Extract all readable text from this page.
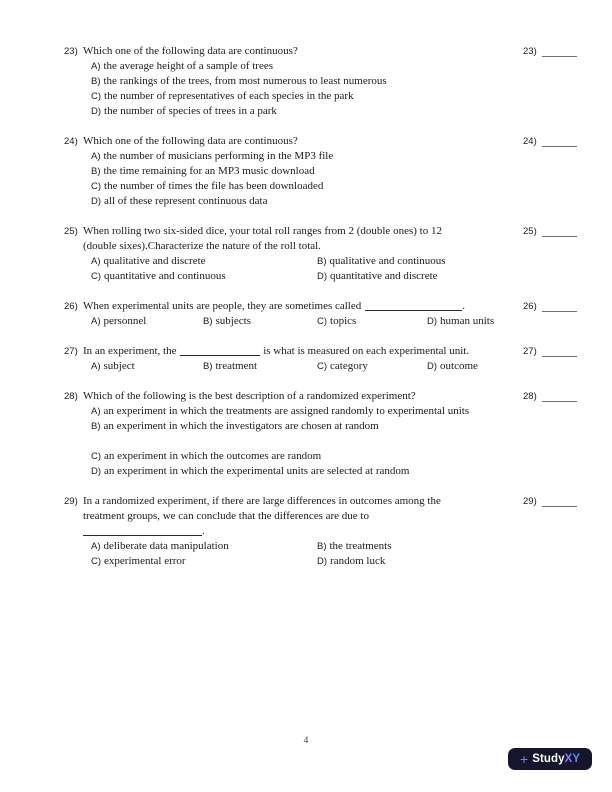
23) Which one of the following data are continuous?	23)
A) the average height of a sample of trees
B) the rankings of the trees, from most numerous to least numerous
C) the number of representatives of each species in the park
D) the number of species of trees in a park
24) Which one of the following data are continuous?	24)
A) the number of musicians performing in the MP3 file
B) the time remaining for an MP3 music download
C) the number of times the file has been downloaded
D) all of these represent continuous data
25) When rolling two six-sided dice, your total roll ranges from 2 (double ones) to 12	25)
(double sixes).Characterize the nature of the roll total.
A) qualitative and discrete	B) qualitative and continuous
C) quantitative and continuous	D) quantitative and discrete
26) When experimental units are people, they are sometimes called	.	26)
A) personnel	B) subjects	C) topics	D) human units
27) In an experiment, the	is what is measured on each experimental unit.	27)
A) subject	B) treatment	C) category	D) outcome
28) Which of the following is the best description of a randomized experiment?	28)
A) an experiment in which the treatments are assigned randomly to experimental units
B) an experiment in which the investigators are chosen at random
C) an experiment in which the outcomes are random
D) an experiment in which the experimental units are selected at random
29) In a randomized experiment, if there are large differences in outcomes among the	29)
treatment groups, we can conclude that the differences are due to
.
A) deliberate data manipulation	B) the treatments
C) experimental error	D) random luck
4
+ Study X Y
